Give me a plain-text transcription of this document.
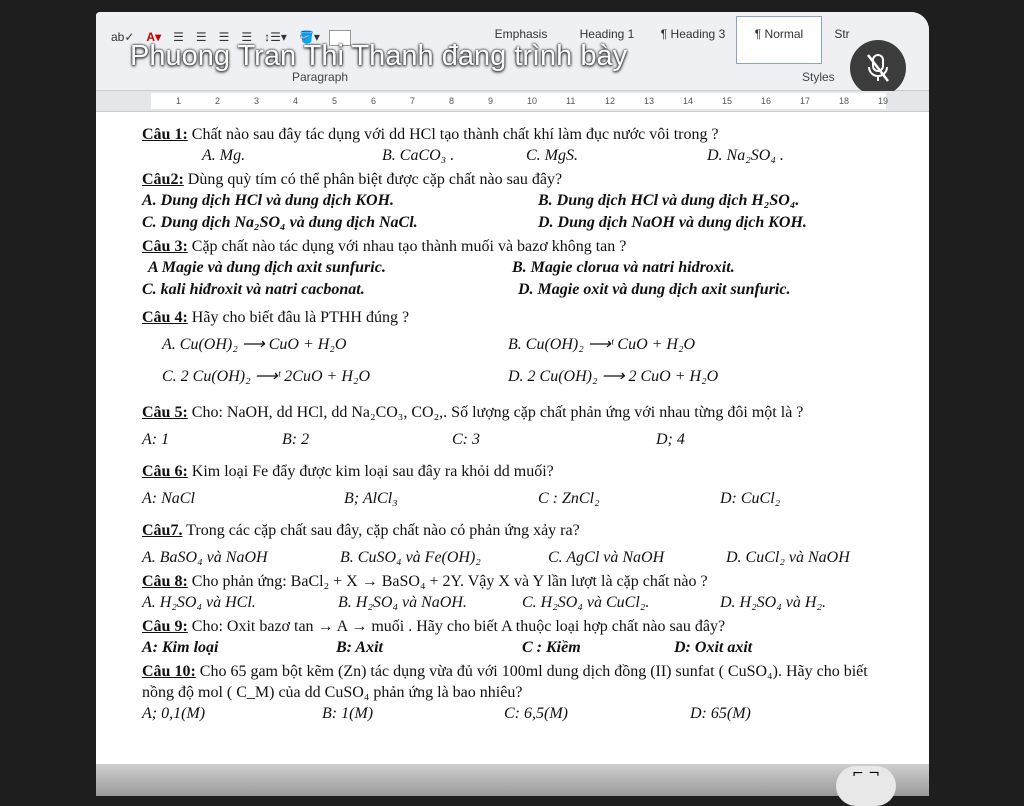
ab✓ A▾ ☰ ☰ ☰ ☰ ↕☰▾ 🪣▾	Emphasis	Heading 1 ¶ Heading 3 ¶ Normal	Str
Paragraph	Styles
Phuong Tran Thi Thanh đang trình bày
1	2	3	4	5	6	7	8	9	10	11	12	13	14	15	16	17	18	19

Câu 1: Chất nào sau đây tác dụng với dd HCl tạo thành chất khí làm đục nước vôi trong ?

A. Mg.	B. CaCO₃ .	C. MgS.	D. Na₂SO₄ .

Câu2: Dùng quỳ tím có thể phân biệt được cặp chất nào sau đây?

A. Dung dịch HCl và dung dịch KOH.	B. Dung dịch HCl và dung dịch H₂SO₄.
C. Dung dịch Na₂SO₄ và dung dịch NaCl.	D. Dung dịch NaOH và dung dịch KOH.

Câu 3: Cặp chất nào tác dụng với nhau tạo thành muối và bazơ không tan ?

A Magie và dung dịch axit sunfuric.	B. Magie clorua và natri hidroxit.
C. kali hiđroxit và natri cacbonat.	D. Magie oxit và dung dịch axit sunfuric.

Câu 4: Hãy cho biết đâu là PTHH đúng ?

A. Cu(OH)₂ ⟶ CuO + H₂O	B. Cu(OH)₂ ⟶ᵗ CuO + H₂O
C. 2 Cu(OH)₂ ⟶ᵗ 2CuO + H₂O	D. 2 Cu(OH)₂ ⟶ 2 CuO + H₂O

Câu 5: Cho: NaOH, dd HCl, dd Na₂CO₃, CO₂,. Số lượng cặp chất phản ứng với nhau từng đôi một là ?

A: 1	B: 2	C: 3	D; 4

Câu 6: Kim loại Fe đẩy được kim loại sau đây ra khỏi dd muối?

A: NaCl	B; AlCl₃	C : ZnCl₂	D: CuCl₂

Câu7. Trong các cặp chất sau đây, cặp chất nào có phản ứng xảy ra?

A. BaSO₄ và NaOH	B. CuSO₄ và Fe(OH)₂	C. AgCl và NaOH	D. CuCl₂ và NaOH

Câu 8: Cho phản ứng: BaCl₂ + X → BaSO₄ + 2Y. Vậy X và Y lần lượt là cặp chất nào ?

A. H₂SO₄ và HCl.	B. H₂SO₄ và NaOH.	C. H₂SO₄ và CuCl₂.	D. H₂SO₄ và H₂.

Câu 9: Cho: Oxit bazơ tan → A → muối . Hãy cho biết A thuộc loại hợp chất nào sau đây?

A: Kim loại	B: Axit	C : Kiềm	D: Oxit axit

Câu 10: Cho 65 gam bột kẽm (Zn) tác dụng vừa đủ với 100ml dung dịch đồng (II) sunfat ( CuSO₄). Hãy cho biết nồng độ mol ( C_M) của dd CuSO₄ phản ứng là bao nhiêu?

A; 0,1(M)	B: 1(M)	C: 6,5(M)	D: 65(M)
⌐ ¬
